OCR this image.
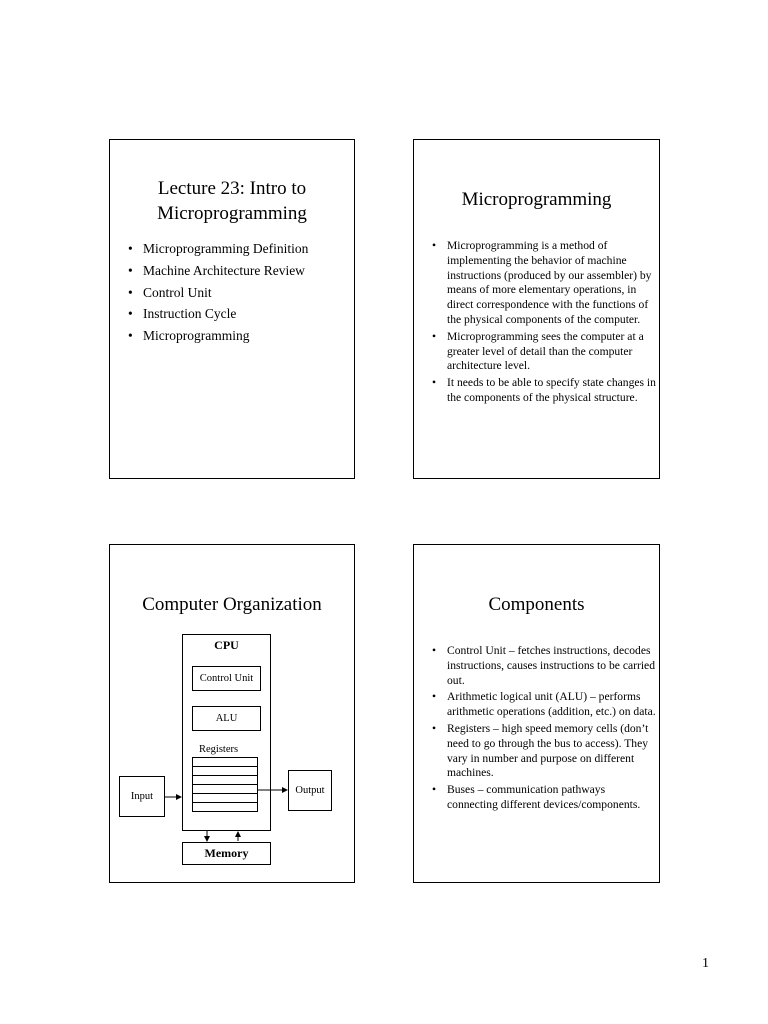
Lecture 23: Intro to
Microprogramming
• Microprogramming Definition
• Machine Architecture Review
• Control Unit
• Instruction Cycle
• Microprogramming
Microprogramming
• Microprogramming is a method of implementing the behavior of machine instructions (produced by our assembler) by means of more elementary operations, in direct correspondence with the functions of the physical components of the computer.
• Microprogramming sees the computer at a greater level of detail than the computer architecture level.
• It needs to be able to specify state changes in the components of the physical structure.
Computer Organization
CPU
Control Unit
ALU
Registers
Input
Output
Memory
Components
• Control Unit – fetches instructions, decodes instructions, causes instructions to be carried out.
• Arithmetic logical unit (ALU) – performs arithmetic operations (addition, etc.) on data.
• Registers – high speed memory cells (don’t need to go through the bus to access). They vary in number and purpose on different machines.
• Buses – communication pathways connecting different devices/components.
1
